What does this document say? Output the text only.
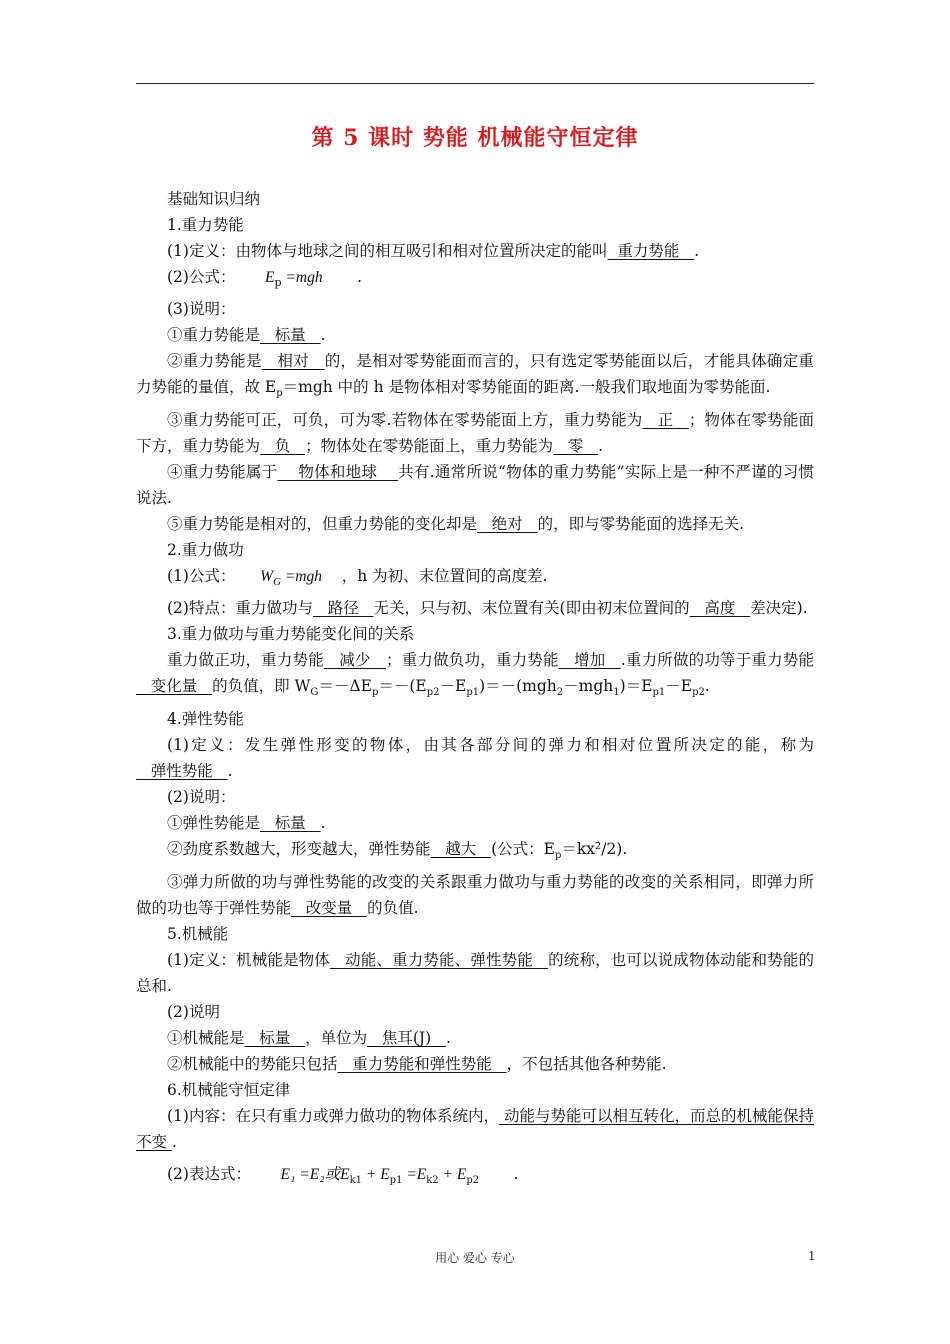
第 5 课时 势能 机械能守恒定律

基础知识归纳

1.重力势能

(1)定义：由物体与地球之间的相互吸引和相对位置所决定的能叫  重力势能   .

(2)公式：      $E_p =mgh$       .

(3)说明：

①重力势能是   标量   .

②重力势能是   相对   的，是相对零势能面而言的，只有选定零势能面以后，才能具体确定重力势能的量值，故 $E_p=mgh$ 中的 h 是物体相对零势能面的距离.一般我们取地面为零势能面.

③重力势能可正，可负，可为零.若物体在零势能面上方，重力势能为   正   ；物体在零势能面下方，重力势能为   负   ；物体处在零势能面上，重力势能为   零   .

④重力势能属于    物体和地球    共有.通常所说“物体的重力势能”实际上是一种不严谨的习惯说法.

⑤重力势能是相对的，但重力势能的变化却是   绝对   的，即与零势能面的选择无关.

2.重力做功

(1)公式：     $W_G =mgh$    ，h 为初、末位置间的高度差.

(2)特点：重力做功与   路径   无关，只与初、末位置有关(即由初末位置间的   高度   差决定).

3.重力做功与重力势能变化间的关系

重力做正功，重力势能   减少   ；重力做负功，重力势能   增加   .重力所做的功等于重力势能   变化量   的负值，即 $W_G=-\Delta E_p=-(E_{p2}-E_{p1})=-(mgh_2-mgh_1)=E_{p1}-E_{p2}$.

4.弹性势能

(1)定义：发生弹性形变的物体，由其各部分间的弹力和相对位置所决定的能，称为   弹性势能   .

(2)说明：

①弹性势能是   标量   .

②劲度系数越大，形变越大，弹性势能   越大   (公式：$E_p=kx^2/2$).

③弹力所做的功与弹性势能的改变的关系跟重力做功与重力势能的改变的关系相同，即弹力所做的功也等于弹性势能   改变量   的负值.

5.机械能

(1)定义：机械能是物体   动能、重力势能、弹性势能   的统称，也可以说成物体动能和势能的总和.

(2)说明

①机械能是   标量   ，单位为   焦耳(J)   .

②机械能中的势能只包括   重力势能和弹性势能   ，不包括其他各种势能.

6.机械能守恒定律

(1)内容：在只有重力或弹力做功的物体系统内， 动能与势能可以相互转化，而总的机械能保持不变 .

(2)表达式：      E₁ =E₂或$E_{k1} + E_{p1} =E_{k2} + E_{p2}$       .

用心 爱心 专心	1
